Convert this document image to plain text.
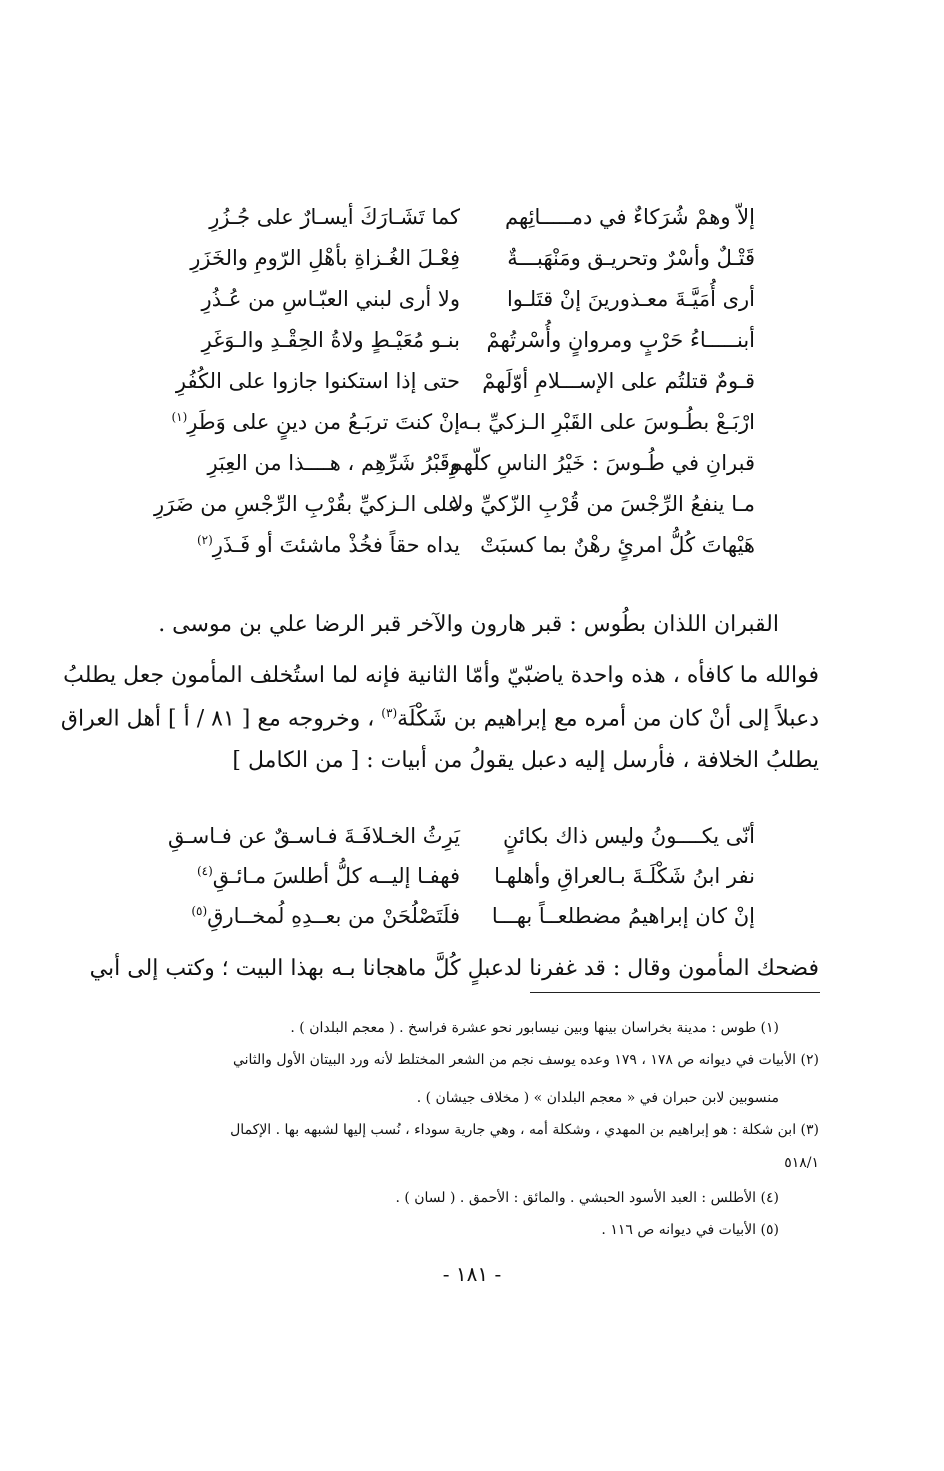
إلاّ وهمْ شُرَكاءٌ في دمـــــائِهم
كما تَشَـارَكَ أيسـارٌ على جُـزُرِ
قَتْـلٌ وأسْرٌ وتحريـق ومَنْهَبـــةٌ
فِعْـلَ الغُـزاةِ بأهْلِ الرّومِ والخَزَرِ
أرى أُمَيَّـةَ معـذورينَ إنْ قتَلـوا
ولا أرى لبني العبّـاسِ من عُـذُرِ
أبنـــــاءُ حَرْبٍ ومروانٍ وأُسْرتُهمْ
بنـو مُعَيْـطٍ ولاةُ الحِقْـدِ والـوَغَرِ
قـومٌ قتلتُم على الإســـلامِ أوّلَهمْ
حتى إذا استكنوا جازوا على الكُفُرِ
ارْبَـعْ بطُـوسَ على القَبْرِ الـزكيِّ بـه
إنْ كنتَ تربَـعُ من دينٍ على وَطَرِ$^{(١)}$
قبرانِ في طُـوسَ : خَيْرُ الناسِ كلّهمِ
وقَبْرُ شَرِّهِم ، هــــذا من العِبَرِ
مـا ينفعُ الرِّجْسَ من قُرْبِ الزّكيِّ ولا
على الـزكيِّ بقُرْبِ الرِّجْسِ من ضَرَرِ
هَيْهاتَ كُلُّ امرئٍ رهْنٌ بما كسبَتْ
يداه حقاً فخُذْ ماشئتَ أو فَـذَرِ$^{(٢)}$
القبران اللذان بطُوس : قبر هارون والآخر قبر الرضا علي بن موسى .
فوالله ما كافأه ، هذه واحدة ياضبّيّ وأمّا الثانية فإنه لما استُخلف المأمون جعل يطلبُ
دعبلاً إلى أنْ كان من أمره مع إبراهيم بن شَكْلَة$^{(٣)}$ ، وخروجه مع [ ٨١ / أ ] أهل العراق
يطلبُ الخلافة ، فأرسل إليه دعبل يقولُ من أبيات : [ من الكامل ]
أنّى يكــــونُ وليس ذاك بكائنٍ
يَرِثُ الخـلافَـةَ فـاسـقٌ عن فـاسـقِ
نفر ابنُ شَكْلَـةَ بـالعراقِ وأهلهـا
فهفـا إليــه كلُّ أطلسَ مـائـقِ$^{(٤)}$
إنْ كان إبراهيمُ مضطلعــاً بهـــا
فلَتَصْلُحَنْ من بعــدِهِ لُمخــارقِ$^{(٥)}$
فضحك المأمون وقال : قد غفرنا لدعبلٍ كُلَّ ماهجانا بـه بهذا البيت ؛ وكتب إلى أبي
(١) طوس : مدينة بخراسان بينها وبين نيسابور نحو عشرة فراسخ . ( معجم البلدان ) .
(٢) الأبيات في ديوانه ص ١٧٨ ، ١٧٩ وعده يوسف نجم من الشعر المختلط لأنه ورد البيتان الأول والثاني
منسوبين لابن حبران في « معجم البلدان » ( مخلاف جيشان ) .
(٣) ابن شكلة : هو إبراهيم بن المهدي ، وشكلة أمه ، وهي جارية سوداء ، نُسب إليها لشبهه بها . الإكمال
٥١٨/١
(٤) الأطلس : العبد الأسود الحبشي . والمائق : الأحمق . ( لسان ) .
(٥) الأبيات في ديوانه ص ١١٦ .
- ١٨١ -
